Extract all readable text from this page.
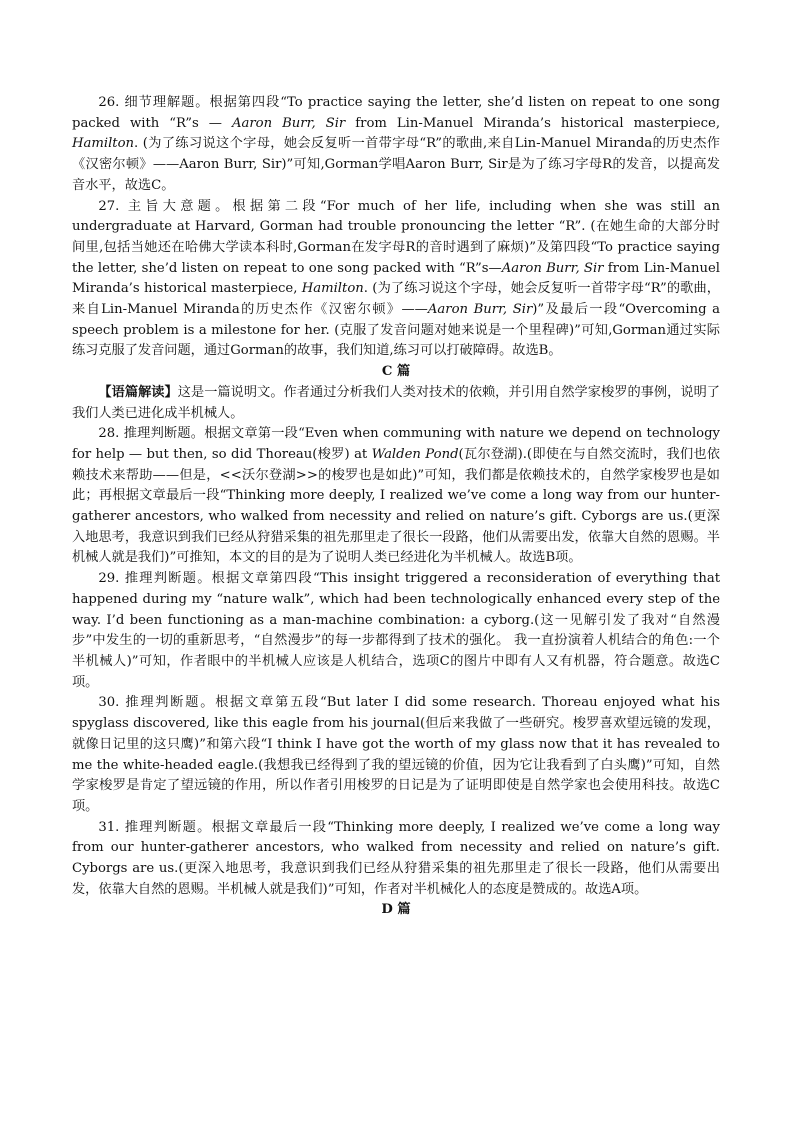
26. 细节理解题。根据第四段“To practice saying the letter, she’d listen on repeat to one song packed with “R”s — Aaron Burr, Sir from Lin-Manuel Miranda’s historical masterpiece, Hamilton. (为了练习说这个字母，她会反复听一首带字母“R”的歌曲,来自Lin-Manuel Miranda的历史杰作《汉密尔顿》——Aaron Burr, Sir)”可知,Gorman学唱Aaron Burr, Sir是为了练习字母R的发音，以提高发音水平，故选C。

27. 主旨大意题。根据第二段“For much of her life, including when she was still an undergraduate at Harvard, Gorman had trouble pronouncing the letter “R”. (在她生命的大部分时间里,包括当她还在哈佛大学读本科时,Gorman在发字母R的音时遇到了麻烦)”及第四段“To practice saying the letter, she’d listen on repeat to one song packed with “R”s—Aaron Burr, Sir from Lin-Manuel Miranda’s historical masterpiece, Hamilton. (为了练习说这个字母，她会反复听一首带字母“R”的歌曲，来自Lin-Manuel Miranda的历史杰作《汉密尔顿》——Aaron Burr, Sir)”及最后一段“Overcoming a speech problem is a milestone for her. (克服了发音问题对她来说是一个里程碑)”可知,Gorman通过实际练习克服了发音问题，通过Gorman的故事，我们知道,练习可以打破障碍。故选B。

C 篇

【语篇解读】这是一篇说明文。作者通过分析我们人类对技术的依赖，并引用自然学家梭罗的事例，说明了我们人类已进化成半机械人。

28. 推理判断题。根据文章第一段“Even when communing with nature we depend on technology for help — but then, so did Thoreau(梭罗) at Walden Pond(瓦尔登湖).(即使在与自然交流时，我们也依赖技术来帮助——但是，<<沃尔登湖>>的梭罗也是如此)”可知，我们都是依赖技术的，自然学家梭罗也是如此；再根据文章最后一段“Thinking more deeply, I realized we’ve come a long way from our hunter-gatherer ancestors, who walked from necessity and relied on nature’s gift. Cyborgs are us.(更深入地思考，我意识到我们已经从狩猎采集的祖先那里走了很长一段路，他们从需要出发，依靠大自然的恩赐。半机械人就是我们)”可推知，本文的目的是为了说明人类已经进化为半机械人。故选B项。

29. 推理判断题。根据文章第四段“This insight triggered a reconsideration of everything that happened during my “nature walk”, which had been technologically enhanced every step of the way. I’d been functioning as a man-machine combination: a cyborg.(这一见解引发了我对“自然漫步”中发生的一切的重新思考，“自然漫步”的每一步都得到了技术的强化。 我一直扮演着人机结合的角色:一个半机械人)”可知，作者眼中的半机械人应该是人机结合，选项C的图片中即有人又有机器，符合题意。故选C项。

30. 推理判断题。根据文章第五段“But later I did some research. Thoreau enjoyed what his spyglass discovered, like this eagle from his journal(但后来我做了一些研究。梭罗喜欢望远镜的发现，就像日记里的这只鹰)”和第六段“I think I have got the worth of my glass now that it has revealed to me the white-headed eagle.(我想我已经得到了我的望远镜的价值，因为它让我看到了白头鹰)”可知，自然学家梭罗是肯定了望远镜的作用，所以作者引用梭罗的日记是为了证明即使是自然学家也会使用科技。故选C项。

31. 推理判断题。根据文章最后一段“Thinking more deeply, I realized we’ve come a long way from our hunter-gatherer ancestors, who walked from necessity and relied on nature’s gift. Cyborgs are us.(更深入地思考，我意识到我们已经从狩猎采集的祖先那里走了很长一段路，他们从需要出发，依靠大自然的恩赐。半机械人就是我们)”可知，作者对半机械化人的态度是赞成的。故选A项。

D 篇
